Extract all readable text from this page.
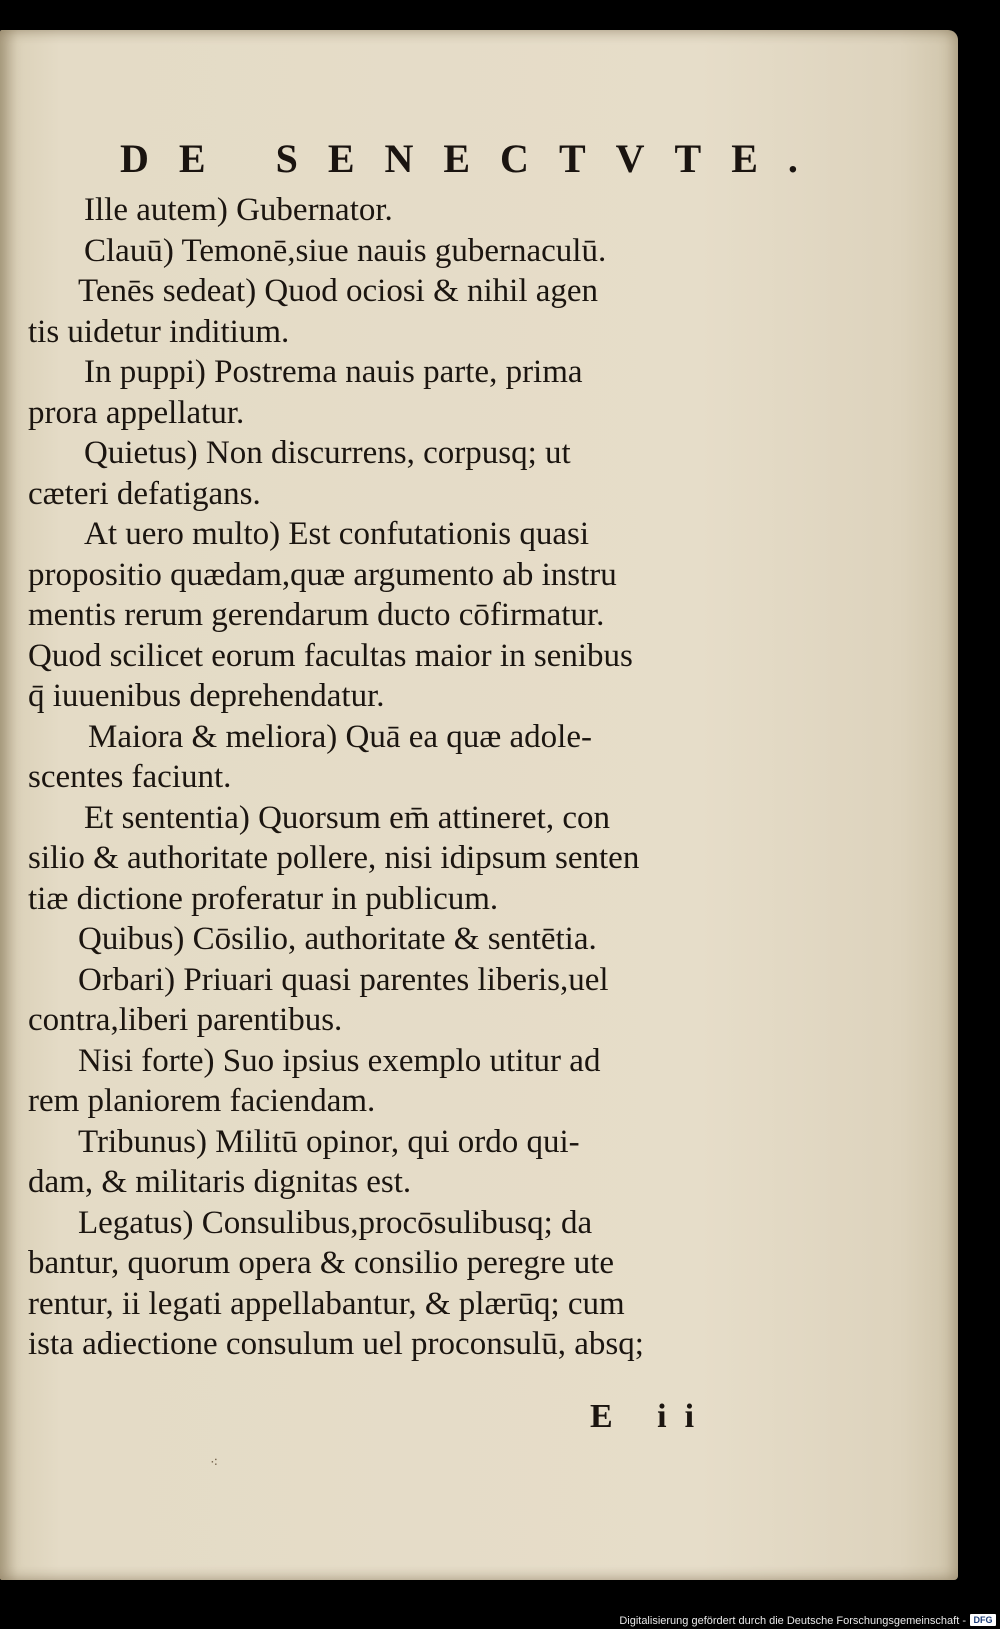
DE SENECTVTE.
Ille autem) Gubernator.
Clauū) Temonē,siue nauis gubernaculū.
Tenēs sedeat) Quod ociosi & nihil agen
tis uidetur inditium.
In puppi) Postrema nauis parte, prima
prora appellatur.
Quietus) Non discurrens, corpusq; ut
cæteri defatigans.
At uero multo) Est confutationis quasi
propositio quædam,quæ argumento ab instru
mentis rerum gerendarum ducto cōfirmatur.
Quod scilicet eorum facultas maior in senibus
q̄ iuuenibus deprehendatur.
Maiora & meliora) Quā ea quæ adole-
scentes faciunt.
Et sententia) Quorsum em̄ attineret, con
silio & authoritate pollere, nisi idipsum senten
tiæ dictione proferatur in publicum.
Quibus) Cōsilio, authoritate & sentētia.
Orbari) Priuari quasi parentes liberis,uel
contra,liberi parentibus.
Nisi forte) Suo ipsius exemplo utitur ad
rem planiorem faciendam.
Tribunus) Militū opinor, qui ordo qui-
dam, & militaris dignitas est.
Legatus) Consulibus,procōsulibusq; da
bantur, quorum opera & consilio peregre ute
rentur, ii legati appellabantur, & plærūq; cum
ista adiectione consulum uel proconsulū, absq;
E ii
⁖
Digitalisierung gefördert durch die Deutsche Forschungsgemeinschaft - DFG
